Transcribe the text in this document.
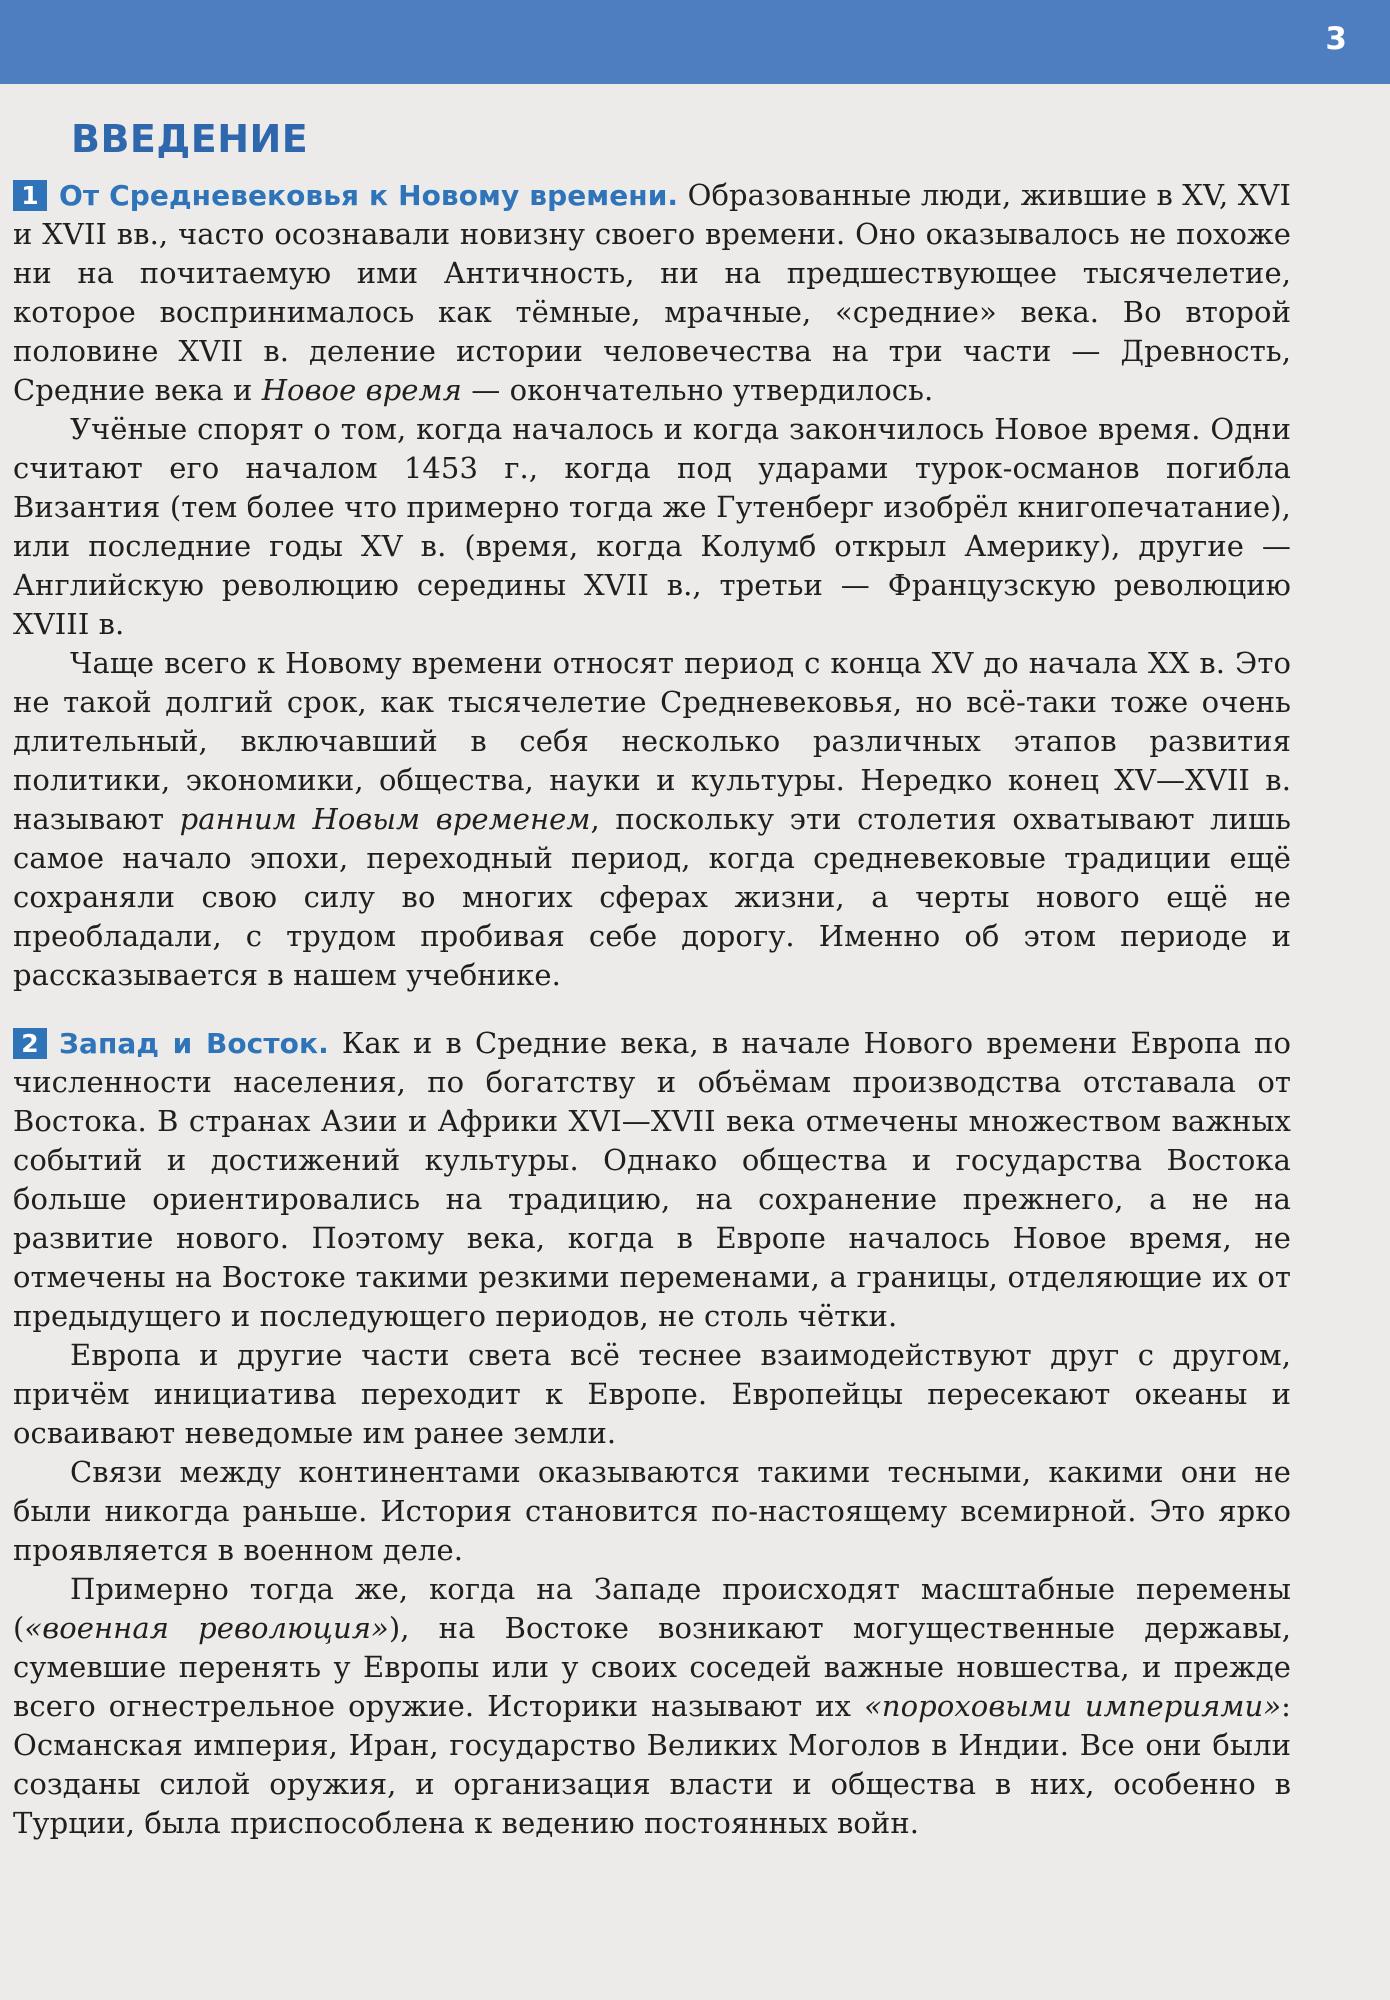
3
ВВЕДЕНИЕ

1 От Средневековья к Новому времени. Образованные люди, жившие в XV, XVI и XVII вв., часто осознавали новизну своего времени. Оно оказывалось не похоже ни на почитаемую ими Античность, ни на предшествующее тысячелетие, которое воспринималось как тёмные, мрачные, «средние» века. Во второй половине XVII в. деление истории человечества на три части — Древность, Средние века и Новое время — окончательно утвердилось.

Учёные спорят о том, когда началось и когда закончилось Новое время. Одни считают его началом 1453 г., когда под ударами турок-османов погибла Византия (тем более что примерно тогда же Гутенберг изобрёл книгопечатание), или последние годы XV в. (время, когда Колумб открыл Америку), другие — Английскую революцию середины XVII в., третьи — Французскую революцию XVIII в.

Чаще всего к Новому времени относят период с конца XV до начала XX в. Это не такой долгий срок, как тысячелетие Средневековья, но всё-таки тоже очень длительный, включавший в себя несколько различных этапов развития политики, экономики, общества, науки и культуры. Нередко конец XV—XVII в. называют ранним Новым временем, поскольку эти столетия охватывают лишь самое начало эпохи, переходный период, когда средневековые традиции ещё сохраняли свою силу во многих сферах жизни, а черты нового ещё не преобладали, с трудом пробивая себе дорогу. Именно об этом периоде и рассказывается в нашем учебнике.

2 Запад и Восток. Как и в Средние века, в начале Нового времени Европа по численности населения, по богатству и объёмам производства отставала от Востока. В странах Азии и Африки XVI—XVII века отмечены множеством важных событий и достижений культуры. Однако общества и государства Востока больше ориентировались на традицию, на сохранение прежнего, а не на развитие нового. Поэтому века, когда в Европе началось Новое время, не отмечены на Востоке такими резкими переменами, а границы, отделяющие их от предыдущего и последующего периодов, не столь чётки.

Европа и другие части света всё теснее взаимодействуют друг с другом, причём инициатива переходит к Европе. Европейцы пересекают океаны и осваивают неведомые им ранее земли.

Связи между континентами оказываются такими тесными, какими они не были никогда раньше. История становится по-настоящему всемирной. Это ярко проявляется в военном деле.

Примерно тогда же, когда на Западе происходят масштабные перемены («военная революция»), на Востоке возникают могущественные державы, сумевшие перенять у Европы или у своих соседей важные новшества, и прежде всего огнестрельное оружие. Историки называют их «пороховыми империями»: Османская империя, Иран, государство Великих Моголов в Индии. Все они были созданы силой оружия, и организация власти и общества в них, особенно в Турции, была приспособлена к ведению постоянных войн.
